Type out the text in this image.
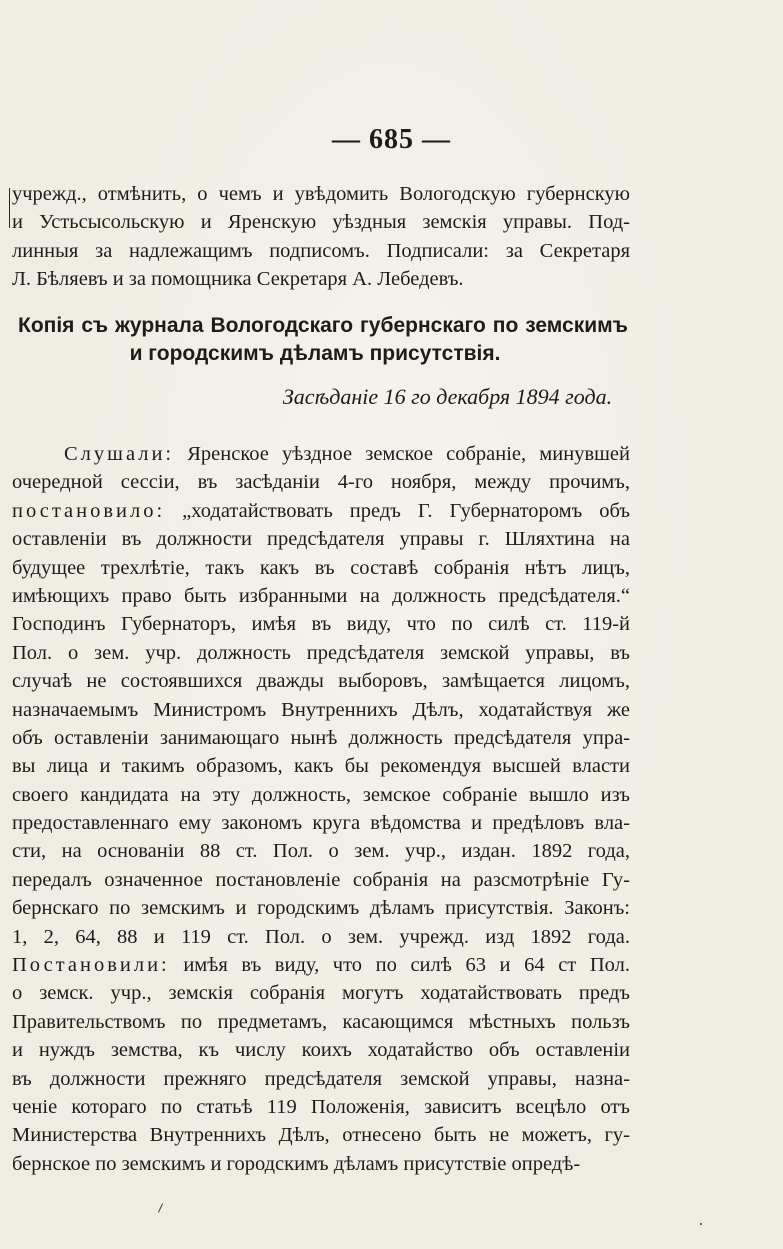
— 685 —
учрежд., отмѣнить, о чемъ и увѣдомить Вологодскую губернскую
и Устьсысольскую и Яренскую уѣздныя земскія управы. Под-
линныя за надлежащимъ подписомъ. Подписали: за Секретаря
Л. Бѣляевъ и за помощника Секретаря А. Лебедевъ.
Копія съ журнала Вологодскаго губернскаго по земскимъ
и городскимъ дѣламъ присутствія.
Засѣданіе 16 го декабря 1894 года.
Слушали: Яренское уѣздное земское собраніе, минувшей
очередной сессіи, въ засѣданіи 4-го ноября, между прочимъ,
постановило: „ходатайствовать предъ Г. Губернаторомъ объ
оставленіи въ должности предсѣдателя управы г. Шляхтина на
будущее трехлѣтіе, такъ какъ въ составѣ собранія нѣтъ лицъ,
имѣющихъ право быть избранными на должность предсѣдателя.“
Господинъ Губернаторъ, имѣя въ виду, что по силѣ ст. 119-й
Пол. о зем. учр. должность предсѣдателя земской управы, въ
случаѣ не состоявшихся дважды выборовъ, замѣщается лицомъ,
назначаемымъ Министромъ Внутреннихъ Дѣлъ, ходатайствуя же
объ оставленіи занимающаго нынѣ должность предсѣдателя упра-
вы лица и такимъ образомъ, какъ бы рекомендуя высшей власти
своего кандидата на эту должность, земское собраніе вышло изъ
предоставленнаго ему закономъ круга вѣдомства и предѣловъ вла-
сти, на основаніи 88 ст. Пол. о зем. учр., издан. 1892 года,
передалъ означенное постановленіе собранія на разсмотрѣніе Гу-
бернскаго по земскимъ и городскимъ дѣламъ присутствія. Законъ:
1, 2, 64, 88 и 119 ст. Пол. о зем. учрежд. изд 1892 года.
Постановили: имѣя въ виду, что по силѣ 63 и 64 ст Пол.
о земск. учр., земскія собранія могутъ ходатайствовать предъ
Правительствомъ по предметамъ, касающимся мѣстныхъ пользъ
и нуждъ земства, къ числу коихъ ходатайство объ оставленіи
въ должности прежняго предсѣдателя земской управы, назна-
ченіе котораго по статьѣ 119 Положенія, зависитъ всецѣло отъ
Министерства Внутреннихъ Дѣлъ, отнесено быть не можетъ, гу-
бернское по земскимъ и городскимъ дѣламъ присутствіе опредѣ-
